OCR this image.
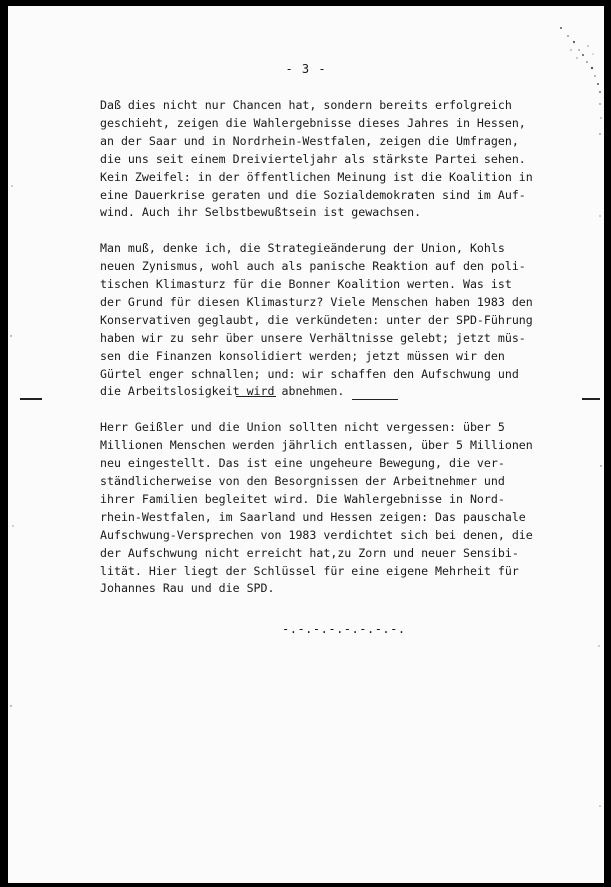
- 3 -
Daß dies nicht nur Chancen hat, sondern bereits erfolgreich
geschieht, zeigen die Wahlergebnisse dieses Jahres in Hessen,
an der Saar und in Nordrhein-Westfalen, zeigen die Umfragen,
die uns seit einem Dreivierteljahr als stärkste Partei sehen.
Kein Zweifel: in der öffentlichen Meinung ist die Koalition in
eine Dauerkrise geraten und die Sozialdemokraten sind im Auf-
wind. Auch ihr Selbstbewußtsein ist gewachsen.
Man muß, denke ich, die Strategieänderung der Union, Kohls
neuen Zynismus, wohl auch als panische Reaktion auf den poli-
tischen Klimasturz für die Bonner Koalition werten. Was ist
der Grund für diesen Klimasturz? Viele Menschen haben 1983 den
Konservativen geglaubt, die verkündeten: unter der SPD-Führung
haben wir zu sehr über unsere Verhältnisse gelebt; jetzt müs-
sen die Finanzen konsolidiert werden; jetzt müssen wir den
Gürtel enger schnallen; und: wir schaffen den Aufschwung und
die Arbeitslosigkeit wird abnehmen.
Herr Geißler und die Union sollten nicht vergessen: über 5
Millionen Menschen werden jährlich entlassen, über 5 Millionen
neu eingestellt. Das ist eine ungeheure Bewegung, die ver-
ständlicherweise von den Besorgnissen der Arbeitnehmer und
ihrer Familien begleitet wird. Die Wahlergebnisse in Nord-
rhein-Westfalen, im Saarland und Hessen zeigen: Das pauschale
Aufschwung-Versprechen von 1983 verdichtet sich bei denen, die
der Aufschwung nicht erreicht hat,zu Zorn und neuer Sensibi-
lität. Hier liegt der Schlüssel für eine eigene Mehrheit für
Johannes Rau und die SPD.
-.-.-.-.-.-.-.-.
